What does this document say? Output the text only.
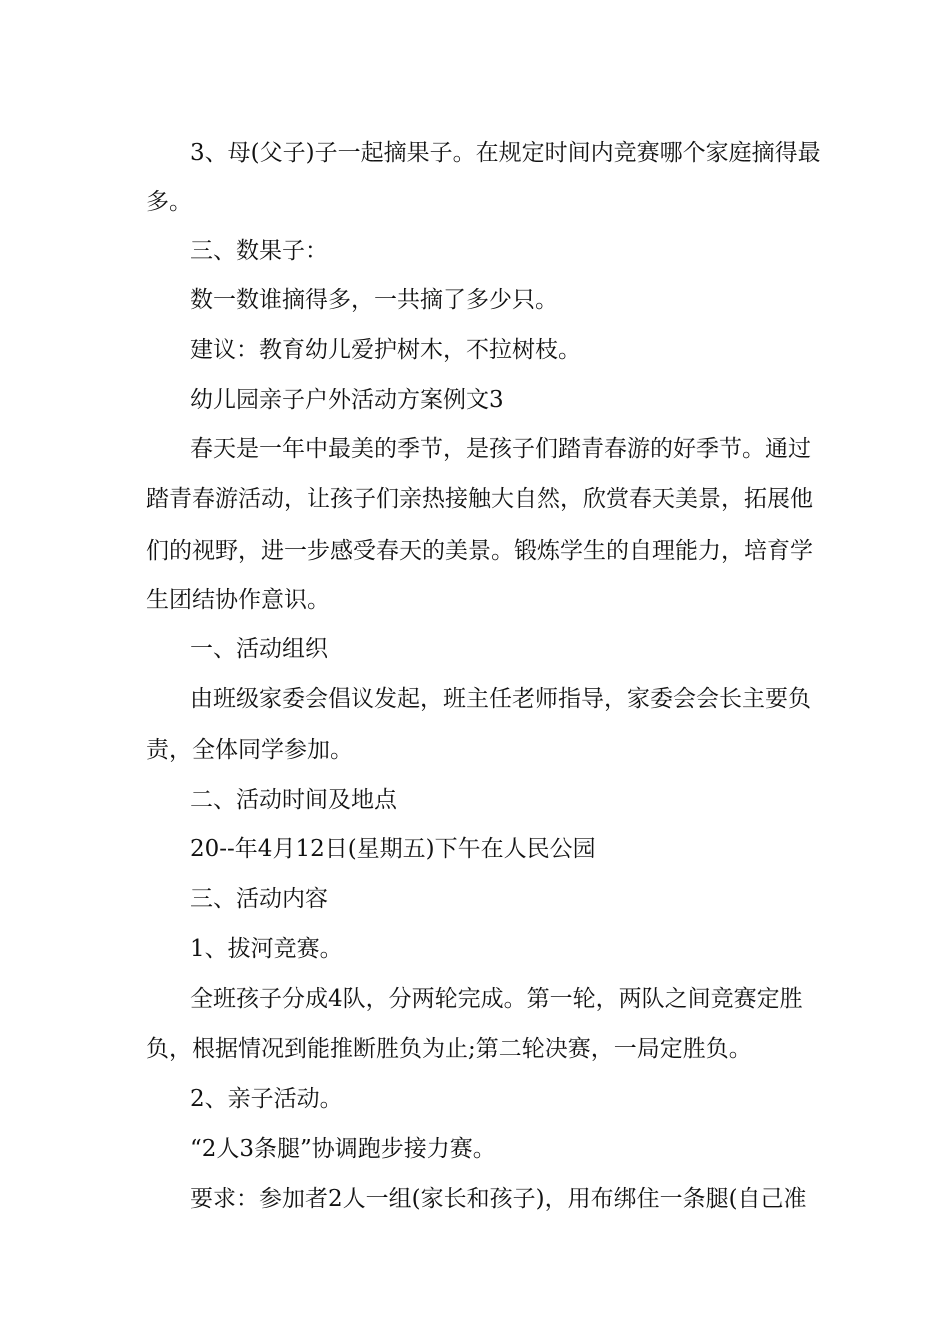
3、母(父子)子一起摘果子。在规定时间内竞赛哪个家庭摘得最

多。

三、数果子：

数一数谁摘得多，一共摘了多少只。

建议：教育幼儿爱护树木，不拉树枝。

幼儿园亲子户外活动方案例文3

春天是一年中最美的季节，是孩子们踏青春游的好季节。通过

踏青春游活动，让孩子们亲热接触大自然，欣赏春天美景，拓展他

们的视野，进一步感受春天的美景。锻炼学生的自理能力，培育学

生团结协作意识。

一、活动组织

由班级家委会倡议发起，班主任老师指导，家委会会长主要负

责，全体同学参加。

二、活动时间及地点

20--年4月12日(星期五)下午在人民公园

三、活动内容

1、拔河竞赛。

全班孩子分成4队，分两轮完成。第一轮，两队之间竞赛定胜

负，根据情况到能推断胜负为止;第二轮决赛，一局定胜负。

2、亲子活动。

“2人3条腿”协调跑步接力赛。

要求：参加者2人一组(家长和孩子)，用布绑住一条腿(自己准
